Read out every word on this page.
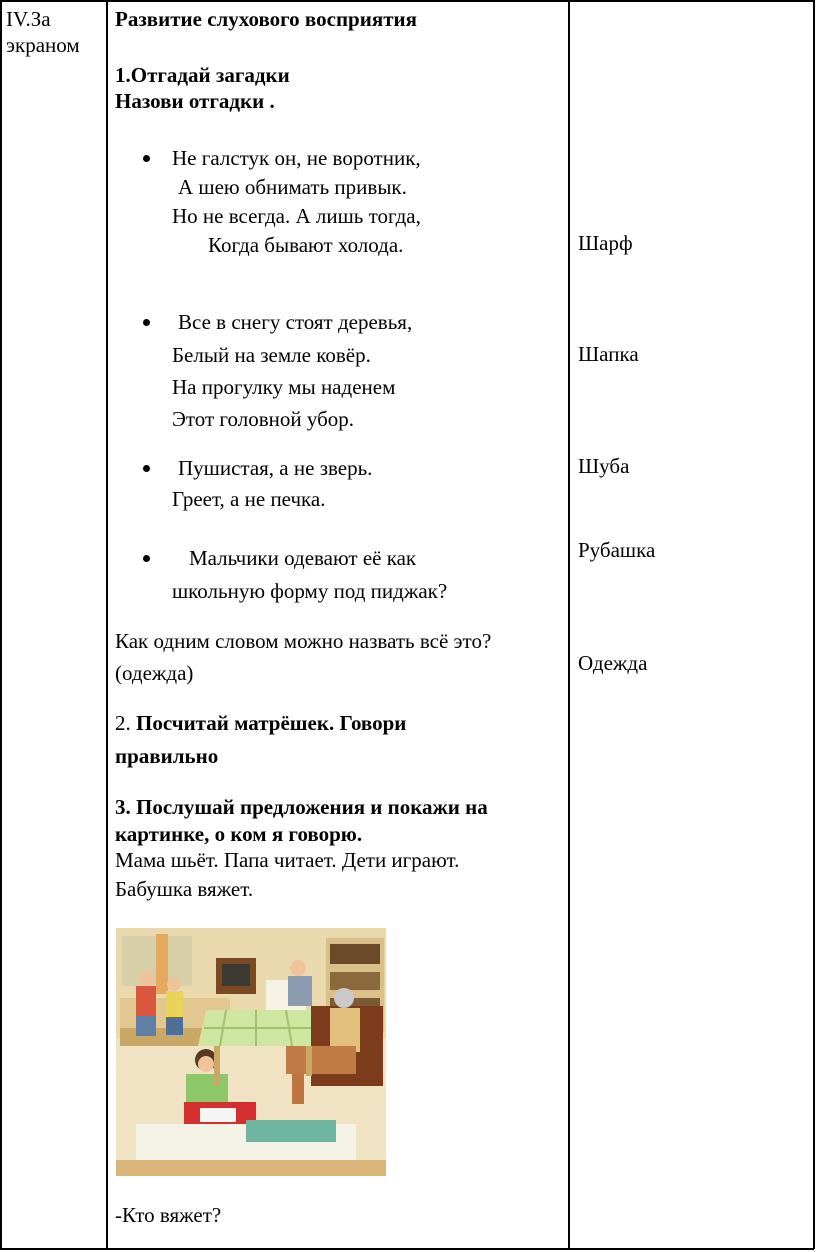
IV.За
экраном
Развитие слухового восприятия
1.Отгадай загадки
Назови отгадки .
Не галстук он, не воротник,
А шею обнимать привык.
Но не всегда. А лишь тогда,
Когда бывают холода.
Все в снегу стоят деревья,
Белый на земле ковёр.
На прогулку мы наденем
Этот головной убор.
Пушистая, а не зверь.
Греет, а не печка.
Мальчики одевают её как
школьную форму под пиджак?
Как одним словом можно назвать всё это?
(одежда)
2. Посчитай матрёшек. Говори
правильно
3. Послушай предложения и покажи на
картинке, о ком я говорю.
Мама шьёт. Папа читает. Дети играют.
Бабушка вяжет.
-Кто вяжет?
Шарф
Шапка
Шуба
Рубашка
Одежда
